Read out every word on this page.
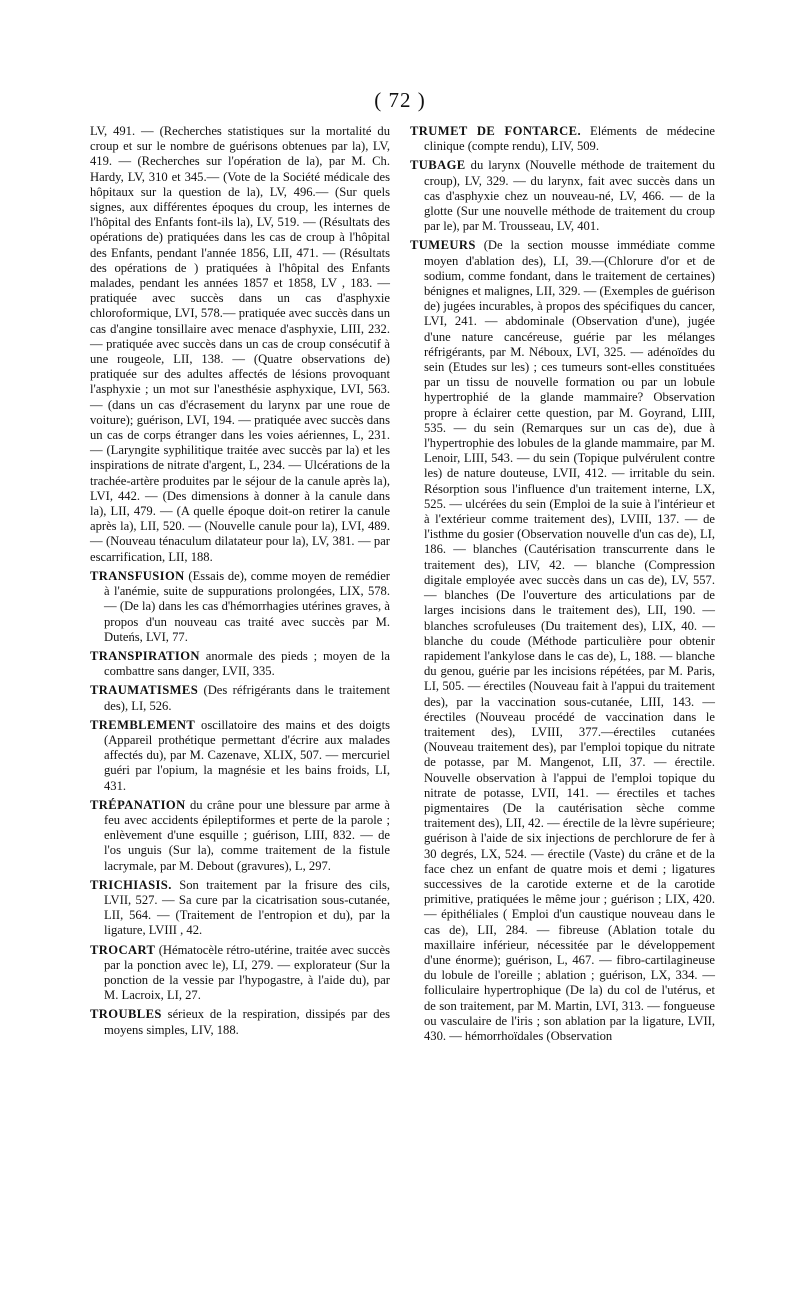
( 72 )

LV, 491. — (Recherches statistiques sur la mortalité du croup et sur le nombre de guérisons obtenues par la), LV, 419. — (Recherches sur l'opération de la), par M. Ch. Hardy, LV, 310 et 345.— (Vote de la Société médicale des hôpitaux sur la question de la), LV, 496.— (Sur quels signes, aux différentes époques du croup, les internes de l'hôpital des Enfants font-ils la), LV, 519. — (Résultats des opérations de) pratiquées dans les cas de croup à l'hôpital des Enfants, pendant l'année 1856, LII, 471. — (Résultats des opérations de ) pratiquées à l'hôpital des Enfants malades, pendant les années 1857 et 1858, LV , 183. — pratiquée avec succès dans un cas d'asphyxie chloroformique, LVI, 578.— pratiquée avec succès dans un cas d'angine tonsillaire avec menace d'asphyxie, LIII, 232. — pratiquée avec succès dans un cas de croup consécutif à une rougeole, LII, 138. — (Quatre observations de) pratiquée sur des adultes affectés de lésions provoquant l'asphyxie ; un mot sur l'anesthésie asphyxique, LVI, 563. — (dans un cas d'écrasement du larynx par une roue de voiture); guérison, LVI, 194. — pratiquée avec succès dans un cas de corps étranger dans les voies aériennes, L, 231. — (Laryngite syphilitique traitée avec succès par la) et les inspirations de nitrate d'argent, L, 234. — Ulcérations de la trachée-artère produites par le séjour de la canule après la), LVI, 442. — (Des dimensions à donner à la canule dans la), LII, 479. — (A quelle époque doit-on retirer la canule après la), LII, 520. — (Nouvelle canule pour la), LVI, 489. — (Nouveau ténaculum dilatateur pour la), LV, 381. — par escarrification, LII, 188.

TRANSFUSION (Essais de), comme moyen de remédier à l'anémie, suite de suppurations prolongées, LIX, 578. — (De la) dans les cas d'hémorrhagies utérines graves, à propos d'un nouveau cas traité avec succès par M. Duteńs, LVI, 77.

TRANSPIRATION anormale des pieds ; moyen de la combattre sans danger, LVII, 335.

TRAUMATISMES (Des réfrigérants dans le traitement des), LI, 526.

TREMBLEMENT oscillatoire des mains et des doigts (Appareil prothétique permettant d'écrire aux malades affectés du), par M. Cazenave, XLIX, 507. — mercuriel guéri par l'opium, la magnésie et les bains froids, LI, 431.

TRÉPANATION du crâne pour une blessure par arme à feu avec accidents épileptiformes et perte de la parole ; enlèvement d'une esquille ; guérison, LIII, 832. — de l'os unguis (Sur la), comme traitement de la fistule lacrymale, par M. Debout (gravures), L, 297.

TRICHIASIS. Son traitement par la frisure des cils, LVII, 527. — Sa cure par la cicatrisation sous-cutanée, LII, 564. — (Traitement de l'entropion et du), par la ligature, LVIII , 42.

TROCART (Hématocèle rétro-utérine, traitée avec succès par la ponction avec le), LI, 279. — explorateur (Sur la ponction de la vessie par l'hypogastre, à l'aide du), par M. Lacroix, LI, 27.

TROUBLES sérieux de la respiration, dissipés par des moyens simples, LIV, 188.

TRUMET DE FONTARCE. Eléments de médecine clinique (compte rendu), LIV, 509.

TUBAGE du larynx (Nouvelle méthode de traitement du croup), LV, 329. — du larynx, fait avec succès dans un cas d'asphyxie chez un nouveau-né, LV, 466. — de la glotte (Sur une nouvelle méthode de traitement du croup par le), par M. Trousseau, LV, 401.

TUMEURS (De la section mousse immédiate comme moyen d'ablation des), LI, 39.—(Chlorure d'or et de sodium, comme fondant, dans le traitement de certaines) bénignes et malignes, LII, 329. — (Exemples de guérison de) jugées incurables, à propos des spécifiques du cancer, LVI, 241. — abdominale (Observation d'une), jugée d'une nature cancéreuse, guérie par les mélanges réfrigérants, par M. Néboux, LVI, 325. — adénoïdes du sein (Etudes sur les) ; ces tumeurs sont-elles constituées par un tissu de nouvelle formation ou par un lobule hypertrophié de la glande mammaire? Observation propre à éclairer cette question, par M. Goyrand, LIII, 535. — du sein (Remarques sur un cas de), due à l'hypertrophie des lobules de la glande mammaire, par M. Lenoir, LIII, 543. — du sein (Topique pulvérulent contre les) de nature douteuse, LVII, 412. — irritable du sein. Résorption sous l'influence d'un traitement interne, LX, 525. — ulcérées du sein (Emploi de la suie à l'intérieur et à l'extérieur comme traitement des), LVIII, 137. — de l'isthme du gosier (Observation nouvelle d'un cas de), LI, 186. — blanches (Cautérisation transcurrente dans le traitement des), LIV, 42. — blanche (Compression digitale employée avec succès dans un cas de), LV, 557. — blanches (De l'ouverture des articulations par de larges incisions dans le traitement des), LII, 190. — blanches scrofuleuses (Du traitement des), LIX, 40. — blanche du coude (Méthode particulière pour obtenir rapidement l'ankylose dans le cas de), L, 188. — blanche du genou, guérie par les incisions répétées, par M. Paris, LI, 505. — érectiles (Nouveau fait à l'appui du traitement des), par la vaccination sous-cutanée, LIII, 143. — érectiles (Nouveau procédé de vaccination dans le traitement des), LVIII, 377.—érectiles cutanées (Nouveau traitement des), par l'emploi topique du nitrate de potasse, par M. Mangenot, LII, 37. — érectile. Nouvelle observation à l'appui de l'emploi topique du nitrate de potasse, LVII, 141. — érectiles et taches pigmentaires (De la cautérisation sèche comme traitement des), LII, 42. — érectile de la lèvre supérieure; guérison à l'aide de six injections de perchlorure de fer à 30 degrés, LX, 524. — érectile (Vaste) du crâne et de la face chez un enfant de quatre mois et demi ; ligatures successives de la carotide externe et de la carotide primitive, pratiquées le même jour ; guérison ; LIX, 420. — épithéliales ( Emploi d'un caustique nouveau dans le cas de), LII, 284. — fibreuse (Ablation totale du maxillaire inférieur, nécessitée par le développement d'une énorme); guérison, L, 467. — fibro-cartilagineuse du lobule de l'oreille ; ablation ; guérison, LX, 334. — folliculaire hypertrophique (De la) du col de l'utérus, et de son traitement, par M. Martin, LVI, 313. — fongueuse ou vasculaire de l'iris ; son ablation par la ligature, LVII, 430. — hémorrhoïdales (Observation
